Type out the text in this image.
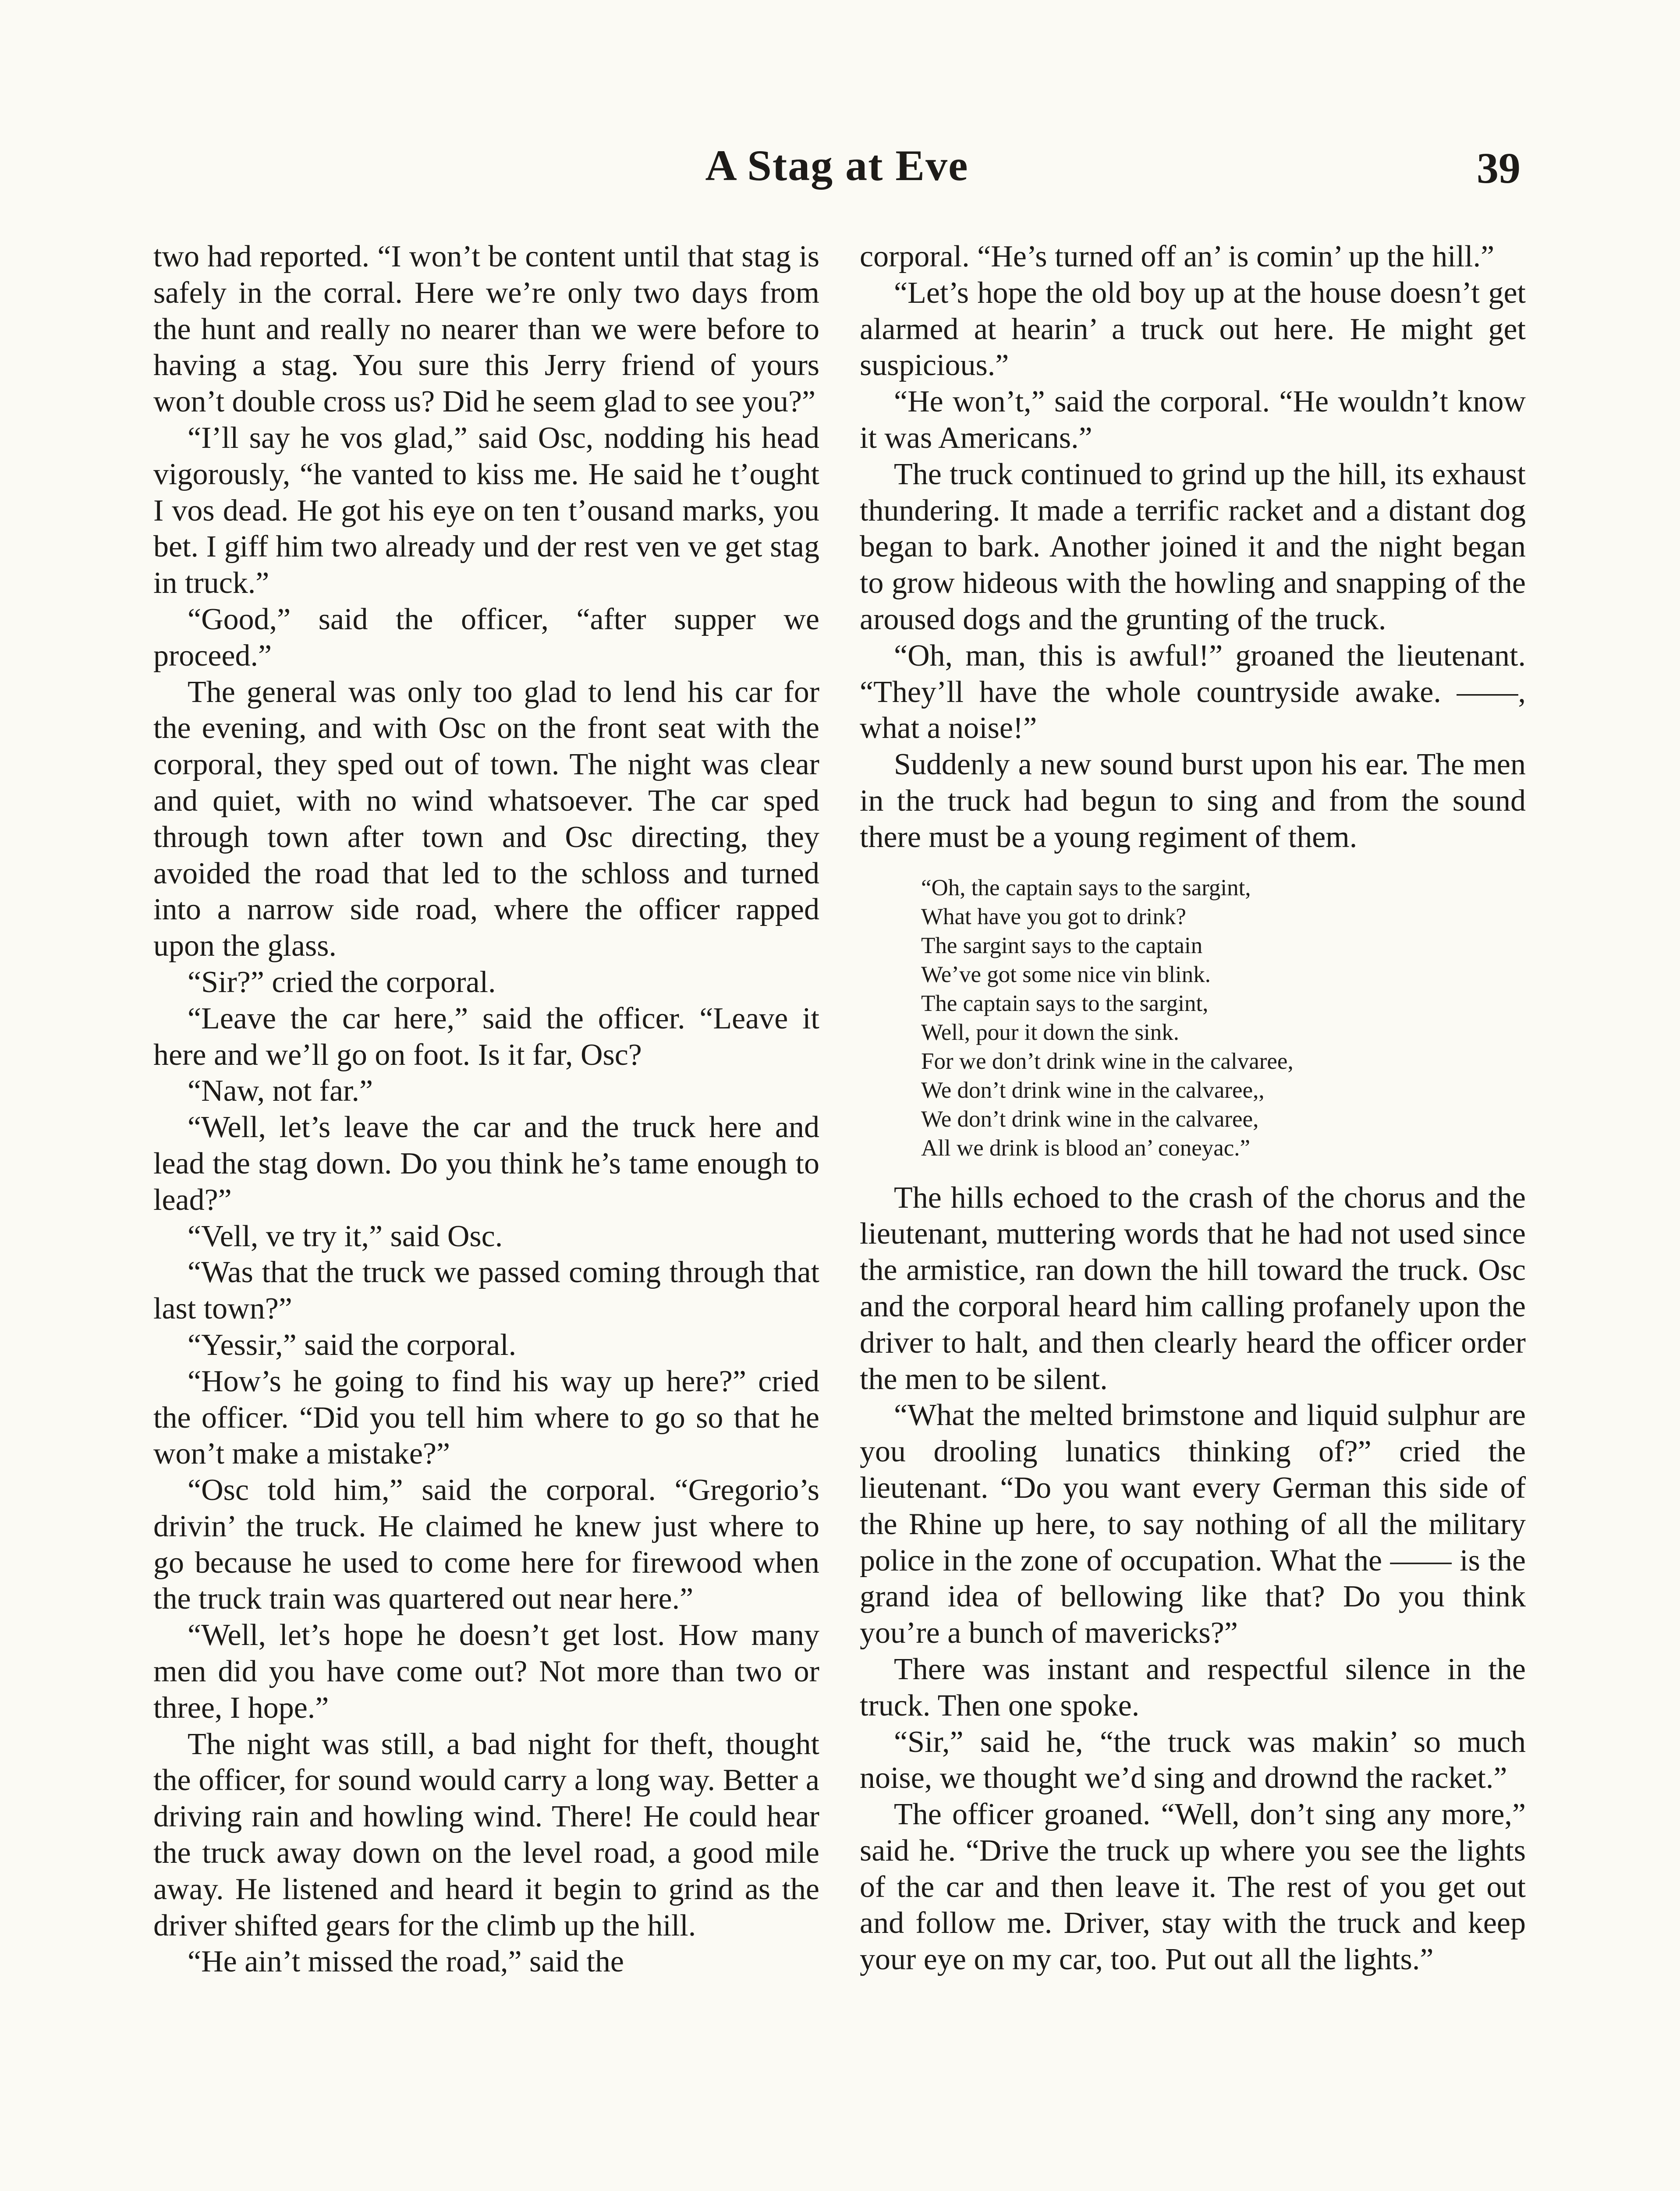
A Stag at Eve	39

two had reported. “I won’t be content until that stag is safely in the corral. Here we’re only two days from the hunt and really no nearer than we were before to having a stag. You sure this Jerry friend of yours won’t double cross us? Did he seem glad to see you?”

“I’ll say he vos glad,” said Osc, nodding his head vigorously, “he vanted to kiss me. He said he t’ought I vos dead. He got his eye on ten t’ousand marks, you bet. I giff him two already und der rest ven ve get stag in truck.”

“Good,” said the officer, “after supper we proceed.”

The general was only too glad to lend his car for the evening, and with Osc on the front seat with the corporal, they sped out of town. The night was clear and quiet, with no wind whatsoever. The car sped through town after town and Osc directing, they avoided the road that led to the schloss and turned into a narrow side road, where the officer rapped upon the glass.

“Sir?” cried the corporal.

“Leave the car here,” said the officer. “Leave it here and we’ll go on foot. Is it far, Osc?

“Naw, not far.”

“Well, let’s leave the car and the truck here and lead the stag down. Do you think he’s tame enough to lead?”

“Vell, ve try it,” said Osc.

“Was that the truck we passed coming through that last town?”

“Yessir,” said the corporal.

“How’s he going to find his way up here?” cried the officer. “Did you tell him where to go so that he won’t make a mistake?”

“Osc told him,” said the corporal. “Gregorio’s drivin’ the truck. He claimed he knew just where to go because he used to come here for firewood when the truck train was quartered out near here.”

“Well, let’s hope he doesn’t get lost. How many men did you have come out? Not more than two or three, I hope.”

The night was still, a bad night for theft, thought the officer, for sound would carry a long way. Better a driving rain and howling wind. There! He could hear the truck away down on the level road, a good mile away. He listened and heard it begin to grind as the driver shifted gears for the climb up the hill.

“He ain’t missed the road,” said the

corporal. “He’s turned off an’ is comin’ up the hill.”

“Let’s hope the old boy up at the house doesn’t get alarmed at hearin’ a truck out here. He might get suspicious.”

“He won’t,” said the corporal. “He wouldn’t know it was Americans.”

The truck continued to grind up the hill, its exhaust thundering. It made a terrific racket and a distant dog began to bark. Another joined it and the night began to grow hideous with the howling and snapping of the aroused dogs and the grunting of the truck.

“Oh, man, this is awful!” groaned the lieutenant. “They’ll have the whole countryside awake. ——, what a noise!”

Suddenly a new sound burst upon his ear. The men in the truck had begun to sing and from the sound there must be a young regiment of them.

“Oh, the captain says to the sargint,
What have you got to drink?
The sargint says to the captain
We’ve got some nice vin blink.
The captain says to the sargint,
Well, pour it down the sink.
For we don’t drink wine in the calvaree,
We don’t drink wine in the calvaree,,
We don’t drink wine in the calvaree,
All we drink is blood an’ coneyac.”

The hills echoed to the crash of the chorus and the lieutenant, muttering words that he had not used since the armistice, ran down the hill toward the truck. Osc and the corporal heard him calling profanely upon the driver to halt, and then clearly heard the officer order the men to be silent.

“What the melted brimstone and liquid sulphur are you drooling lunatics thinking of?” cried the lieutenant. “Do you want every German this side of the Rhine up here, to say nothing of all the military police in the zone of occupation. What the —— is the grand idea of bellowing like that? Do you think you’re a bunch of mavericks?”

There was instant and respectful silence in the truck. Then one spoke.

“Sir,” said he, “the truck was makin’ so much noise, we thought we’d sing and drownd the racket.”

The officer groaned. “Well, don’t sing any more,” said he. “Drive the truck up where you see the lights of the car and then leave it. The rest of you get out and follow me. Driver, stay with the truck and keep your eye on my car, too. Put out all the lights.”
